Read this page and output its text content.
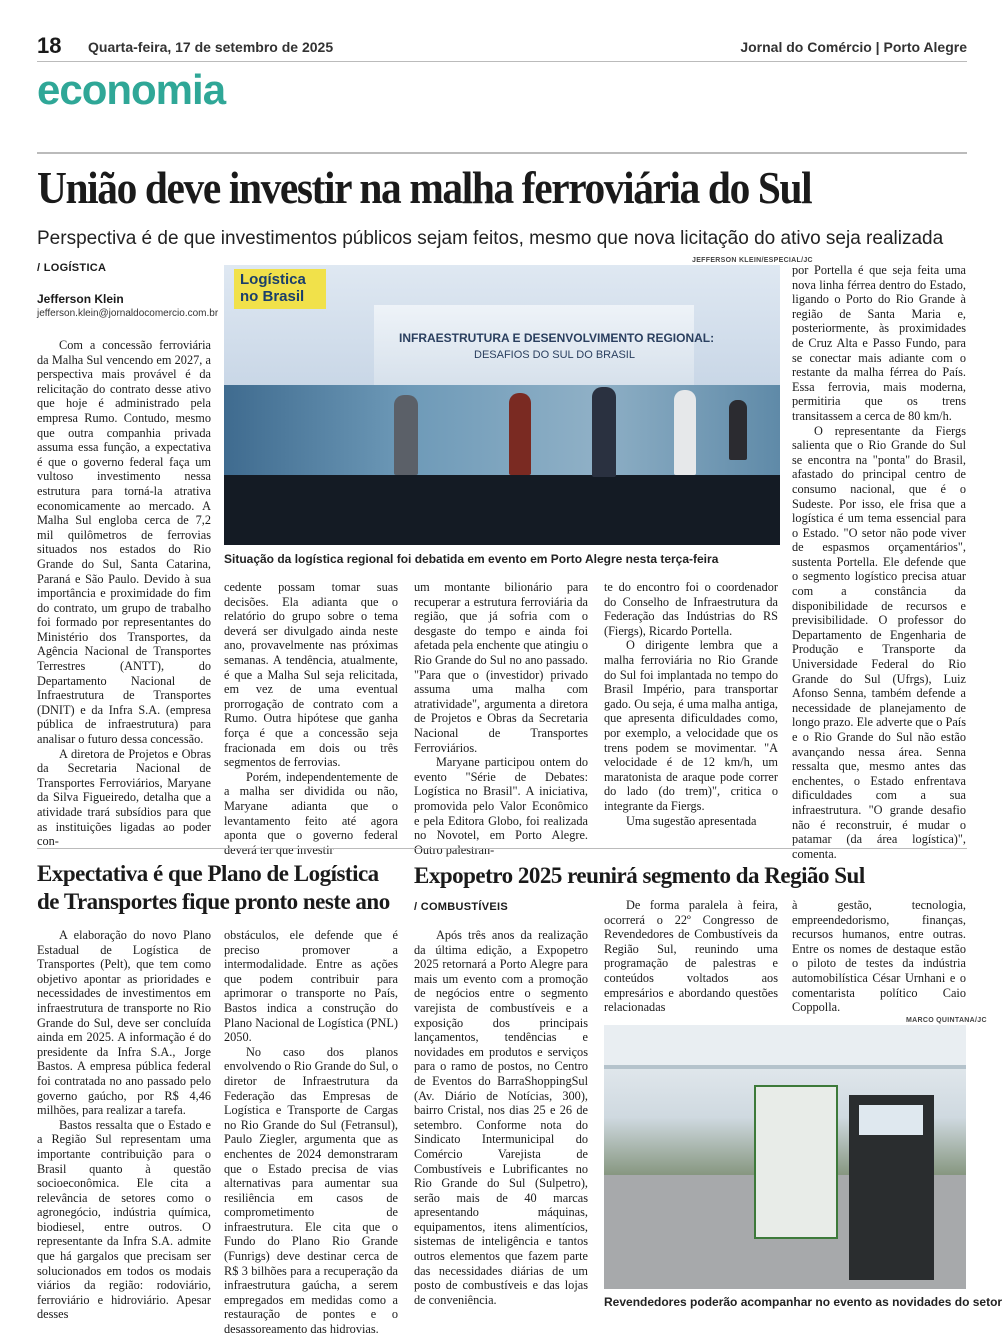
18 Quarta-feira, 17 de setembro de 2025	Jornal do Comércio | Porto Alegre
economia
União deve investir na malha ferroviária do Sul
Perspectiva é de que investimentos públicos sejam feitos, mesmo que nova licitação do ativo seja realizada
/ LOGÍSTICA
Jefferson Klein
jefferson.klein@jornaldocomercio.com.br
JEFFERSON KLEIN/ESPECIAL/JC
Logística no Brasil
INFRAESTRUTURA E DESENVOLVIMENTO REGIONAL:
DESAFIOS DO SUL DO BRASIL
Situação da logística regional foi debatida em evento em Porto Alegre nesta terça-feira

Com a concessão ferroviária da Malha Sul vencendo em 2027, a perspectiva mais provável é da relicitação do contrato desse ativo que hoje é administrado pela empresa Rumo. Contudo, mesmo que outra companhia privada assuma essa função, a expectativa é que o governo federal faça um vultoso investimento nessa estrutura para torná-la atrativa economicamente ao mercado. A Malha Sul engloba cerca de 7,2 mil quilômetros de ferrovias situados nos estados do Rio Grande do Sul, Santa Catarina, Paraná e São Paulo. Devido à sua importância e proximidade do fim do contrato, um grupo de trabalho foi formado por representantes do Ministério dos Transportes, da Agência Nacional de Transportes Terrestres (ANTT), do Departamento Nacional de Infraestrutura de Transportes (DNIT) e da Infra S.A. (empresa pública de infraestrutura) para analisar o futuro dessa concessão.

A diretora de Projetos e Obras da Secretaria Nacional de Transportes Ferroviários, Maryane da Silva Figueiredo, detalha que a atividade trará subsídios para que as instituições ligadas ao poder con-

cedente possam tomar suas decisões. Ela adianta que o relatório do grupo sobre o tema deverá ser divulgado ainda neste ano, provavelmente nas próximas semanas. A tendência, atualmente, é que a Malha Sul seja relicitada, em vez de uma eventual prorrogação de contrato com a Rumo. Outra hipótese que ganha força é que a concessão seja fracionada em dois ou três segmentos de ferrovias.

Porém, independentemente de a malha ser dividida ou não, Maryane adianta que o levantamento feito até agora aponta que o governo federal deverá ter que investir

um montante bilionário para recuperar a estrutura ferroviária da região, que já sofria com o desgaste do tempo e ainda foi afetada pela enchente que atingiu o Rio Grande do Sul no ano passado. "Para que o (investidor) privado assuma uma malha com atratividade", argumenta a diretora de Projetos e Obras da Secretaria Nacional de Transportes Ferroviários.

Maryane participou ontem do evento "Série de Debates: Logística no Brasil". A iniciativa, promovida pelo Valor Econômico e pela Editora Globo, foi realizada no Novotel, em Porto Alegre. Outro palestran-

te do encontro foi o coordenador do Conselho de Infraestrutura da Federação das Indústrias do RS (Fiergs), Ricardo Portella.

O dirigente lembra que a malha ferroviária no Rio Grande do Sul foi implantada no tempo do Brasil Império, para transportar gado. Ou seja, é uma malha antiga, que apresenta dificuldades como, por exemplo, a velocidade que os trens podem se movimentar. "A velocidade é de 12 km/h, um maratonista de araque pode correr do lado (do trem)", critica o integrante da Fiergs.

Uma sugestão apresentada

por Portella é que seja feita uma nova linha férrea dentro do Estado, ligando o Porto do Rio Grande à região de Santa Maria e, posteriormente, às proximidades de Cruz Alta e Passo Fundo, para se conectar mais adiante com o restante da malha férrea do País. Essa ferrovia, mais moderna, permitiria que os trens transitassem a cerca de 80 km/h.

O representante da Fiergs salienta que o Rio Grande do Sul se encontra na "ponta" do Brasil, afastado do principal centro de consumo nacional, que é o Sudeste. Por isso, ele frisa que a logística é um tema essencial para o Estado. "O setor não pode viver de espasmos orçamentários", sustenta Portella. Ele defende que o segmento logístico precisa atuar com a constância da disponibilidade de recursos e previsibilidade. O professor do Departamento de Engenharia de Produção e Transporte da Universidade Federal do Rio Grande do Sul (Ufrgs), Luiz Afonso Senna, também defende a necessidade de planejamento de longo prazo. Ele adverte que o País e o Rio Grande do Sul não estão avançando nessa área. Senna ressalta que, mesmo antes das enchentes, o Estado enfrentava dificuldades com a sua infraestrutura. "O grande desafio não é reconstruir, é mudar o patamar (da área logística)", comenta.

Expectativa é que Plano de Logística
de Transportes fique pronto neste ano

A elaboração do novo Plano Estadual de Logística de Transportes (Pelt), que tem como objetivo apontar as prioridades e necessidades de investimentos em infraestrutura de transporte no Rio Grande do Sul, deve ser concluída ainda em 2025. A informação é do presidente da Infra S.A., Jorge Bastos. A empresa pública federal foi contratada no ano passado pelo governo gaúcho, por R$ 4,46 milhões, para realizar a tarefa.

Bastos ressalta que o Estado e a Região Sul representam uma importante contribuição para o Brasil quanto à questão socioeconômica. Ele cita a relevância de setores como o agronegócio, indústria química, biodiesel, entre outros. O representante da Infra S.A. admite que há gargalos que precisam ser solucionados em todos os modais viários da região: rodoviário, ferroviário e hidroviário. Apesar desses

obstáculos, ele defende que é preciso promover a intermodalidade. Entre as ações que podem contribuir para aprimorar o transporte no País, Bastos indica a construção do Plano Nacional de Logística (PNL) 2050.

No caso dos planos envolvendo o Rio Grande do Sul, o diretor de Infraestrutura da Federação das Empresas de Logística e Transporte de Cargas no Rio Grande do Sul (Fetransul), Paulo Ziegler, argumenta que as enchentes de 2024 demonstraram que o Estado precisa de vias alternativas para aumentar sua resiliência em casos de comprometimento de infraestrutura. Ele cita que o Fundo do Plano Rio Grande (Funrigs) deve destinar cerca de R$ 3 bilhões para a recuperação da infraestrutura gaúcha, a serem empregados em medidas como a restauração de pontes e o desassoreamento das hidrovias.

Expopetro 2025 reunirá segmento da Região Sul
/ COMBUSTÍVEIS

Após três anos da realização da última edição, a Expopetro 2025 retornará a Porto Alegre para mais um evento com a promoção de negócios entre o segmento varejista de combustíveis e a exposição dos principais lançamentos, tendências e novidades em produtos e serviços para o ramo de postos, no Centro de Eventos do BarraShoppingSul (Av. Diário de Notícias, 300), bairro Cristal, nos dias 25 e 26 de setembro. Conforme nota do Sindicato Intermunicipal do Comércio Varejista de Combustíveis e Lubrificantes no Rio Grande do Sul (Sulpetro), serão mais de 40 marcas apresentando máquinas, equipamentos, itens alimentícios, sistemas de inteligência e tantos outros elementos que fazem parte das necessidades diárias de um posto de combustíveis e das lojas de conveniência.

De forma paralela à feira, ocorrerá o 22º Congresso de Revendedores de Combustíveis da Região Sul, reunindo uma programação de palestras e conteúdos voltados aos empresários e abordando questões relacionadas

à gestão, tecnologia, empreendedorismo, finanças, recursos humanos, entre outras. Entre os nomes de destaque estão o piloto de testes da indústria automobilística César Urnhani e o comentarista político Caio Coppolla.

MARCO QUINTANA/JC
Revendedores poderão acompanhar no evento as novidades do setor
